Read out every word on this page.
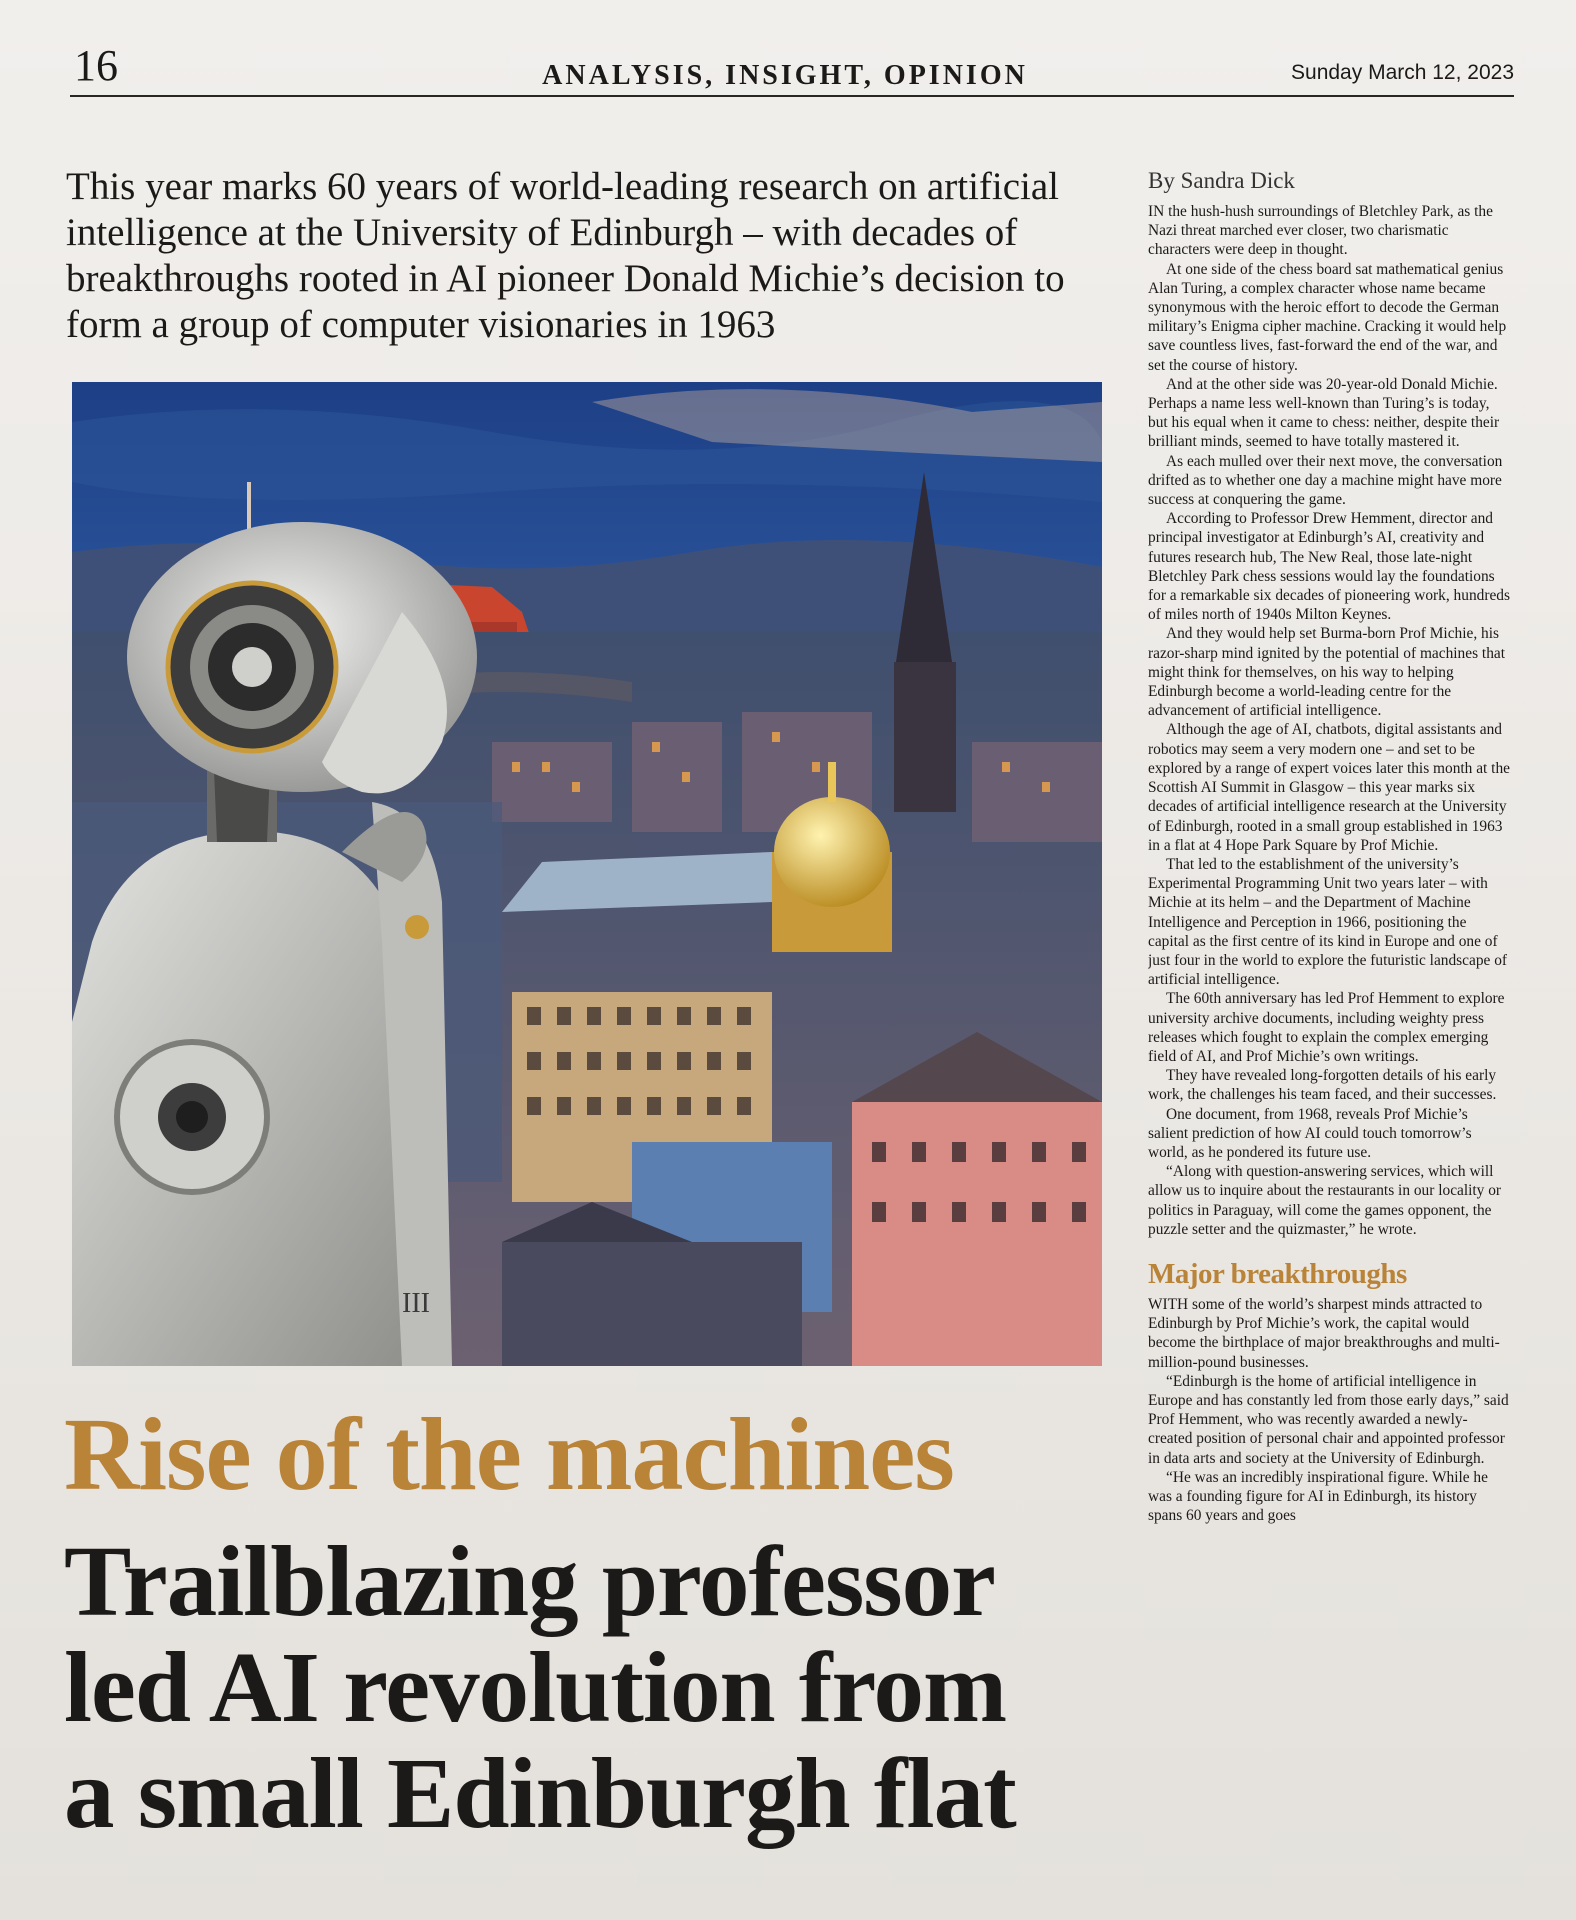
16	ANALYSIS, INSIGHT, OPINION	Sunday March 12, 2023
This year marks 60 years of world-leading research on artificial intelligence at the University of Edinburgh – with decades of breakthroughs rooted in AI pioneer Donald Michie’s decision to form a group of computer visionaries in 1963
III
Rise of the machines
Trailblazing professor
led AI revolution from
a small Edinburgh flat
By Sandra Dick

IN the hush-hush surroundings of Bletchley Park, as the Nazi threat marched ever closer, two charismatic characters were deep in thought.

At one side of the chess board sat mathematical genius Alan Turing, a complex character whose name became synonymous with the heroic effort to decode the German military’s Enigma cipher machine. Cracking it would help save countless lives, fast-forward the end of the war, and set the course of history.

And at the other side was 20-year-old Donald Michie. Perhaps a name less well-known than Turing’s is today, but his equal when it came to chess: neither, despite their brilliant minds, seemed to have totally mastered it.

As each mulled over their next move, the conversation drifted as to whether one day a machine might have more success at conquering the game.

According to Professor Drew Hemment, director and principal investigator at Edinburgh’s AI, creativity and futures research hub, The New Real, those late-night Bletchley Park chess sessions would lay the foundations for a remarkable six decades of pioneering work, hundreds of miles north of 1940s Milton Keynes.

And they would help set Burma-born Prof Michie, his razor-sharp mind ignited by the potential of machines that might think for themselves, on his way to helping Edinburgh become a world-leading centre for the advancement of artificial intelligence.

Although the age of AI, chatbots, digital assistants and robotics may seem a very modern one – and set to be explored by a range of expert voices later this month at the Scottish AI Summit in Glasgow – this year marks six decades of artificial intelligence research at the University of Edinburgh, rooted in a small group established in 1963 in a flat at 4 Hope Park Square by Prof Michie.

That led to the establishment of the university’s Experimental Programming Unit two years later – with Michie at its helm – and the Department of Machine Intelligence and Perception in 1966, positioning the capital as the first centre of its kind in Europe and one of just four in the world to explore the futuristic landscape of artificial intelligence.

The 60th anniversary has led Prof Hemment to explore university archive documents, including weighty press releases which fought to explain the complex emerging field of AI, and Prof Michie’s own writings.

They have revealed long-forgotten details of his early work, the challenges his team faced, and their successes.

One document, from 1968, reveals Prof Michie’s salient prediction of how AI could touch tomorrow’s world, as he pondered its future use.

“Along with question-answering services, which will allow us to inquire about the restaurants in our locality or politics in Paraguay, will come the games opponent, the puzzle setter and the quizmaster,” he wrote.

Major breakthroughs

WITH some of the world’s sharpest minds attracted to Edinburgh by Prof Michie’s work, the capital would become the birthplace of major breakthroughs and multi-million-pound businesses.

“Edinburgh is the home of artificial intelligence in Europe and has constantly led from those early days,” said Prof Hemment, who was recently awarded a newly-created position of personal chair and appointed professor in data arts and society at the University of Edinburgh.

“He was an incredibly inspirational figure. While he was a founding figure for AI in Edinburgh, its history spans 60 years and goes
